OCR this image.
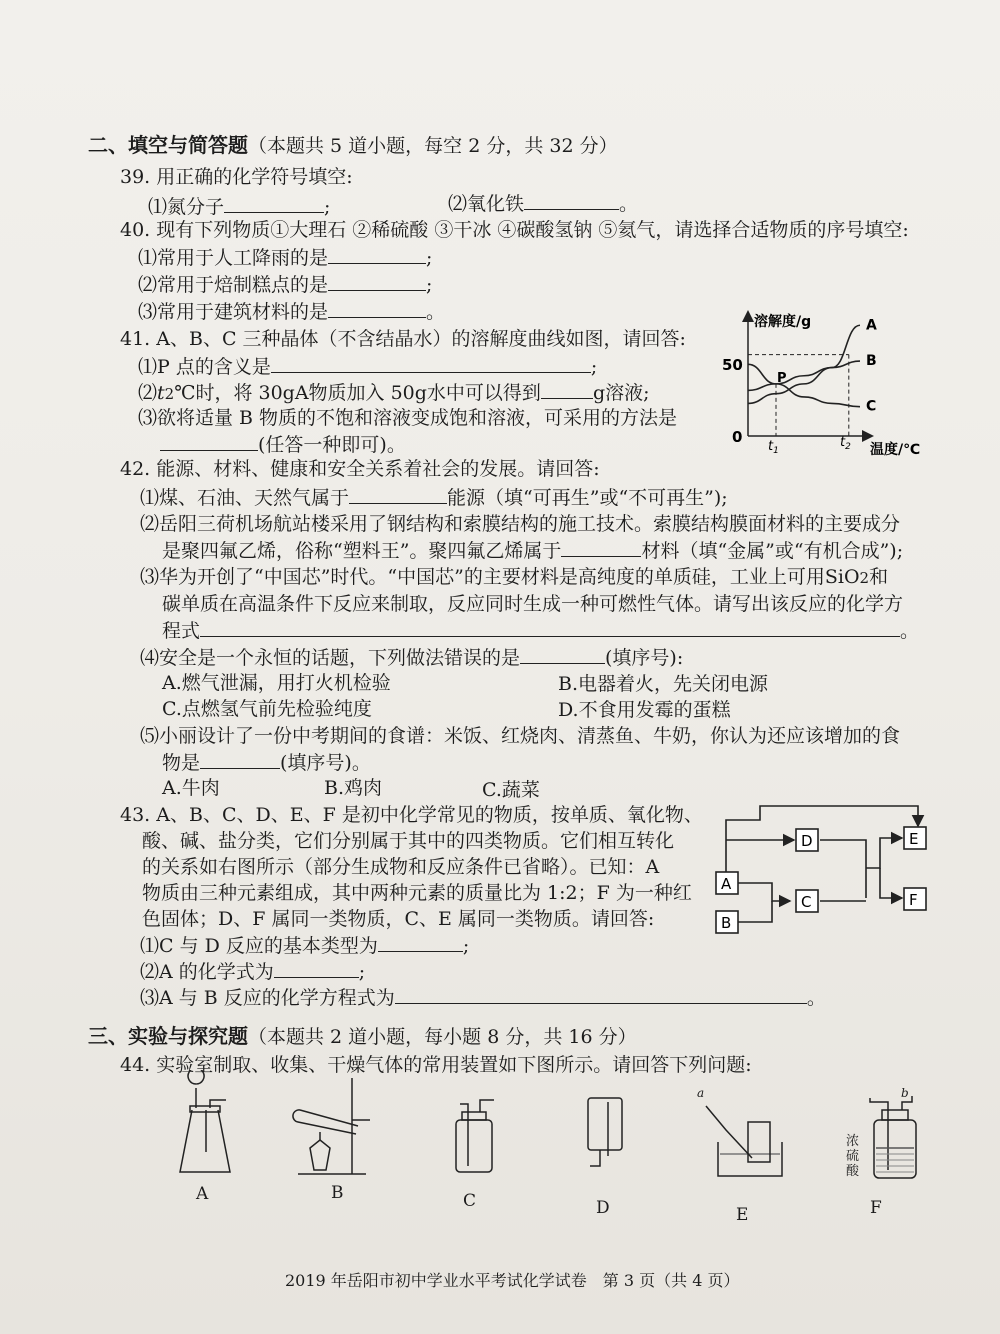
二、填空与简答题（本题共 5 道小题，每空 2 分，共 32 分）
39. 用正确的化学符号填空:
⑴氮分子	;	⑵氧化铁	。
40. 现有下列物质①大理石 ②稀硫酸 ③干冰 ④碳酸氢钠 ⑤氦气，请选择合适物质的序号填空:
⑴常用于人工降雨的是	;
⑵常用于焙制糕点的是	;
⑶常用于建筑材料的是	。
41. A、B、C 三种晶体（不含结晶水）的溶解度曲线如图，请回答:
⑴P 点的含义是	;
⑵t2℃时，将 30gA物质加入 50g水中可以得到	g溶液;
⑶欲将适量 B 物质的不饱和溶液变成饱和溶液，可采用的方法是
(任答一种即可)。
溶解度/g
50
0
A
B
C
P
$t_1$
$t_2$ 温度/℃
42. 能源、材料、健康和安全关系着社会的发展。请回答:
⑴煤、石油、天然气属于	能源（填“可再生”或“不可再生”);
⑵岳阳三荷机场航站楼采用了钢结构和索膜结构的施工技术。索膜结构膜面材料的主要成分
是聚四氟乙烯，俗称“塑料王”。聚四氟乙烯属于	材料（填“金属”或“有机合成”);
⑶华为开创了“中国芯”时代。“中国芯”的主要材料是高纯度的单质硅，工业上可用SiO2和
碳单质在高温条件下反应来制取，反应同时生成一种可燃性气体。请写出该反应的化学方
程式	。
⑷安全是一个永恒的话题，下列做法错误的是	(填序号):
A.燃气泄漏，用打火机检验	B.电器着火，先关闭电源
C.点燃氢气前先检验纯度	D.不食用发霉的蛋糕
⑸小丽设计了一份中考期间的食谱：米饭、红烧肉、清蒸鱼、牛奶，你认为还应该增加的食
物是	(填序号)。
A.牛肉	B.鸡肉	C.蔬菜
43. A、B、C、D、E、F 是初中化学常见的物质，按单质、氧化物、
酸、碱、盐分类，它们分别属于其中的四类物质。它们相互转化
的关系如右图所示（部分生成物和反应条件已省略）。已知：A
物质由三种元素组成，其中两种元素的质量比为 1:2；F 为一种红
色固体；D、F 属同一类物质，C、E 属同一类物质。请回答:
⑴C 与 D 反应的基本类型为	;
⑵A 的化学式为	;
⑶A 与 B 反应的化学方程式为	。
A
B
C
D	E
F
三、实验与探究题（本题共 2 道小题，每小题 8 分，共 16 分）
44. 实验室制取、收集、干燥气体的常用装置如下图所示。请回答下列问题:
a	b
浓
硫
酸
A	B	C	D	E	F
2019 年岳阳市初中学业水平考试化学试卷　第 3 页（共 4 页）
